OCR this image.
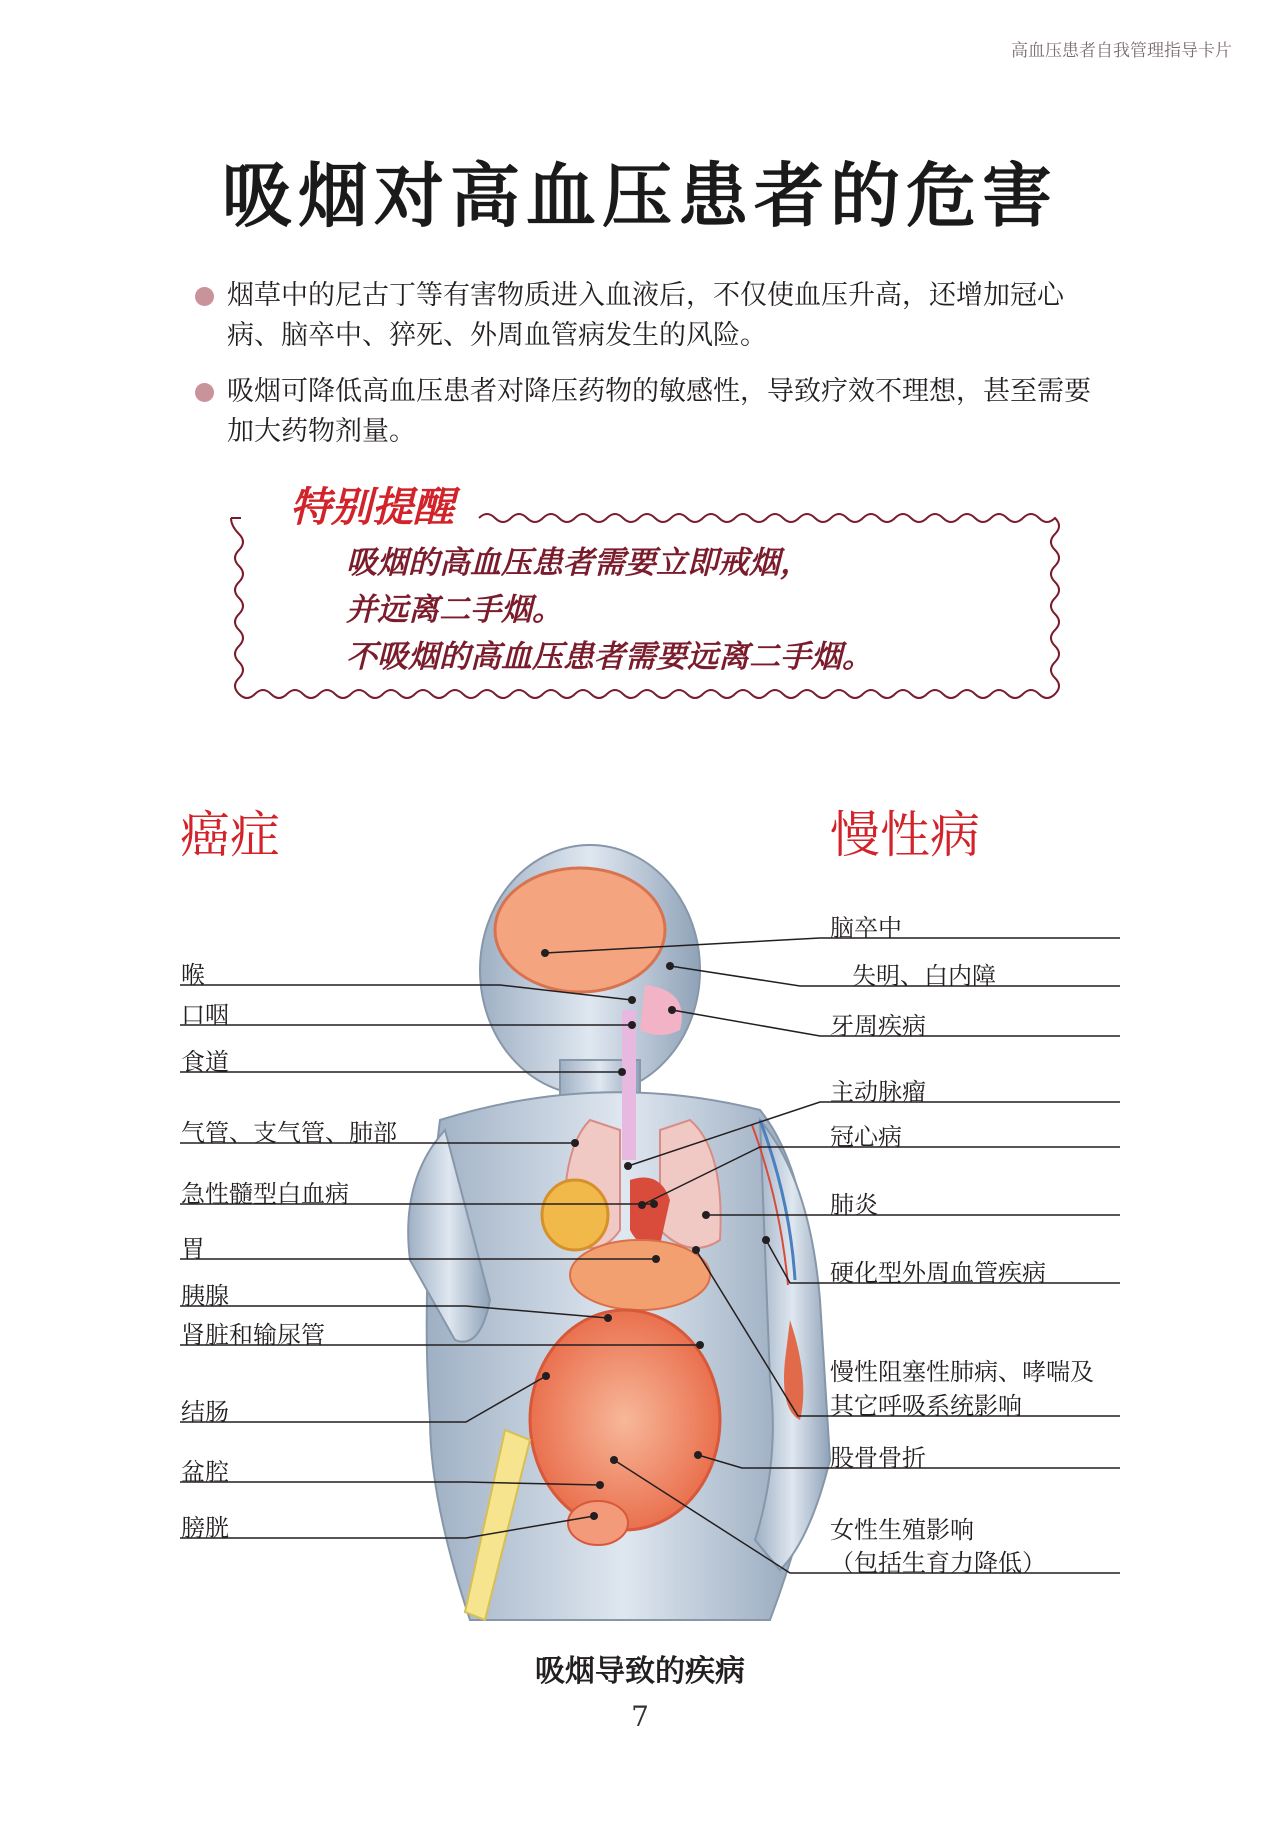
高血压患者自我管理指导卡片
吸烟对高血压患者的危害
烟草中的尼古丁等有害物质进入血液后，不仅使血压升高，还增加冠心病、脑卒中、猝死、外周血管病发生的风险。
吸烟可降低高血压患者对降压药物的敏感性，导致疗效不理想，甚至需要加大药物剂量。
特别提醒
吸烟的高血压患者需要立即戒烟，
并远离二手烟。
不吸烟的高血压患者需要远离二手烟。
癌症	慢性病
喉
口咽
食道
气管、支气管、肺部
急性髓型白血病
胃
胰腺
肾脏和输尿管
结肠
盆腔
膀胱
脑卒中
失明、白内障
牙周疾病
主动脉瘤
冠心病
肺炎
硬化型外周血管疾病
慢性阻塞性肺病、哮喘及
其它呼吸系统影响
股骨骨折
女性生殖影响
（包括生育力降低）
吸烟导致的疾病
7
